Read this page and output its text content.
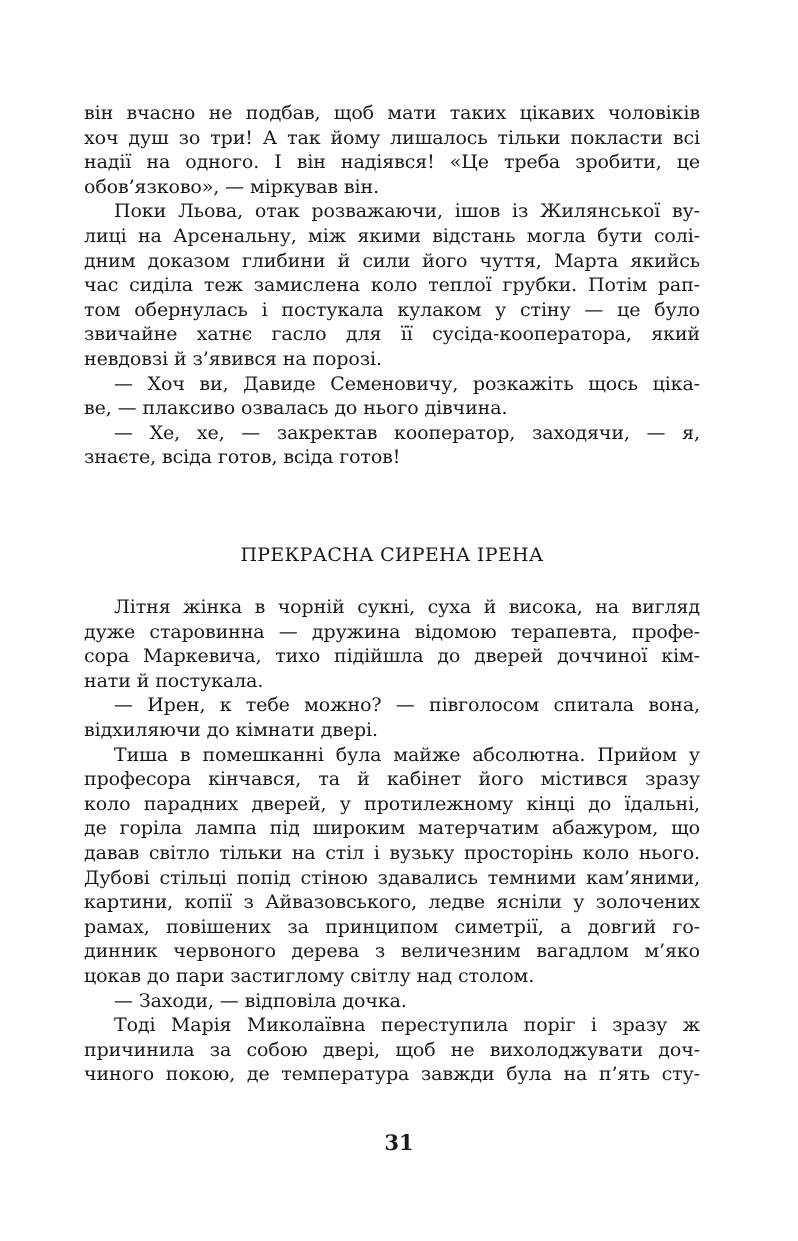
він вчасно не подбав, щоб мати таких цікавих чоловіків
хоч душ зо три! А так йому лишалось тільки покласти всі
надії на одного. І він надіявся! «Це треба зробити, це
обов’язково», — міркував він.

Поки Льова, отак розважаючи, ішов із Жилянської ву-
лиці на Арсенальну, між якими відстань могла бути солі-
дним доказом глибини й сили його чуття, Марта якийсь
час сиділа теж замислена коло теплої грубки. Потім рап-
том обернулась і постукала кулаком у стіну — це було
звичайне хатнє гасло для її сусіда-кооператора, який
невдовзі й з’явився на порозі.

— Хоч ви, Давиде Семеновичу, розкажіть щось ціка-
ве, — плаксиво озвалась до нього дівчина.

— Хе, хе, — закректав кооператор, заходячи, — я,
знаєте, всіда готов, всіда готов!

ПРЕКРАСНА СИРЕНА ІРЕНА

Літня жінка в чорній сукні, суха й висока, на вигляд
дуже старовинна — дружина відомою терапевта, профе-
сора Маркевича, тихо підійшла до дверей доччиної кім-
нати й постукала.

— Ирен, к тебе можно? — півголосом спитала вона,
відхиляючи до кімнати двері.

Тиша в помешканні була майже абсолютна. Прийом у
професора кінчався, та й кабінет його містився зразу
коло парадних дверей, у протилежному кінці до їдальні,
де горіла лампа під широким матерчатим абажуром, що
давав світло тільки на стіл і вузьку просторінь коло нього.
Дубові стільці попід стіною здавались темними кам’яними,
картини, копії з Айвазовського, ледве ясніли у золочених
рамах, повішених за принципом симетрії, а довгий го-
динник червоного дерева з величезним вагадлом м’яко
цокав до пари застиглому світлу над столом.

— Заходи, — відповіла дочка.

Тоді Марія Миколаївна переступила поріг і зразу ж
причинила за собою двері, щоб не вихолоджувати доч-
чиного покою, де температура завжди була на п’ять сту-

31
